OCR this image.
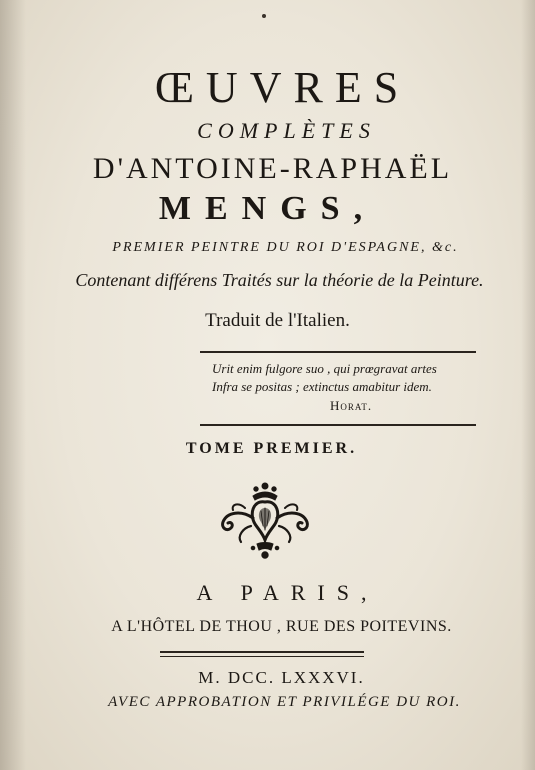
ŒUVRES
COMPLÈTES
D'ANTOINE-RAPHAËL
MENGS,
PREMIER PEINTRE DU ROI D'ESPAGNE, &c.
Contenant différens Traités sur la théorie de la Peinture.
Traduit de l'Italien.
Urit enim fulgore suo , qui prœgravat artes
Infra se positas ; extinctus amabitur idem.
Horat.
TOME PREMIER.
A PARIS,
A L'HÔTEL DE THOU , RUE DES POITEVINS.
M. DCC. LXXXVI.
AVEC APPROBATION ET PRIVILÉGE DU ROI.
